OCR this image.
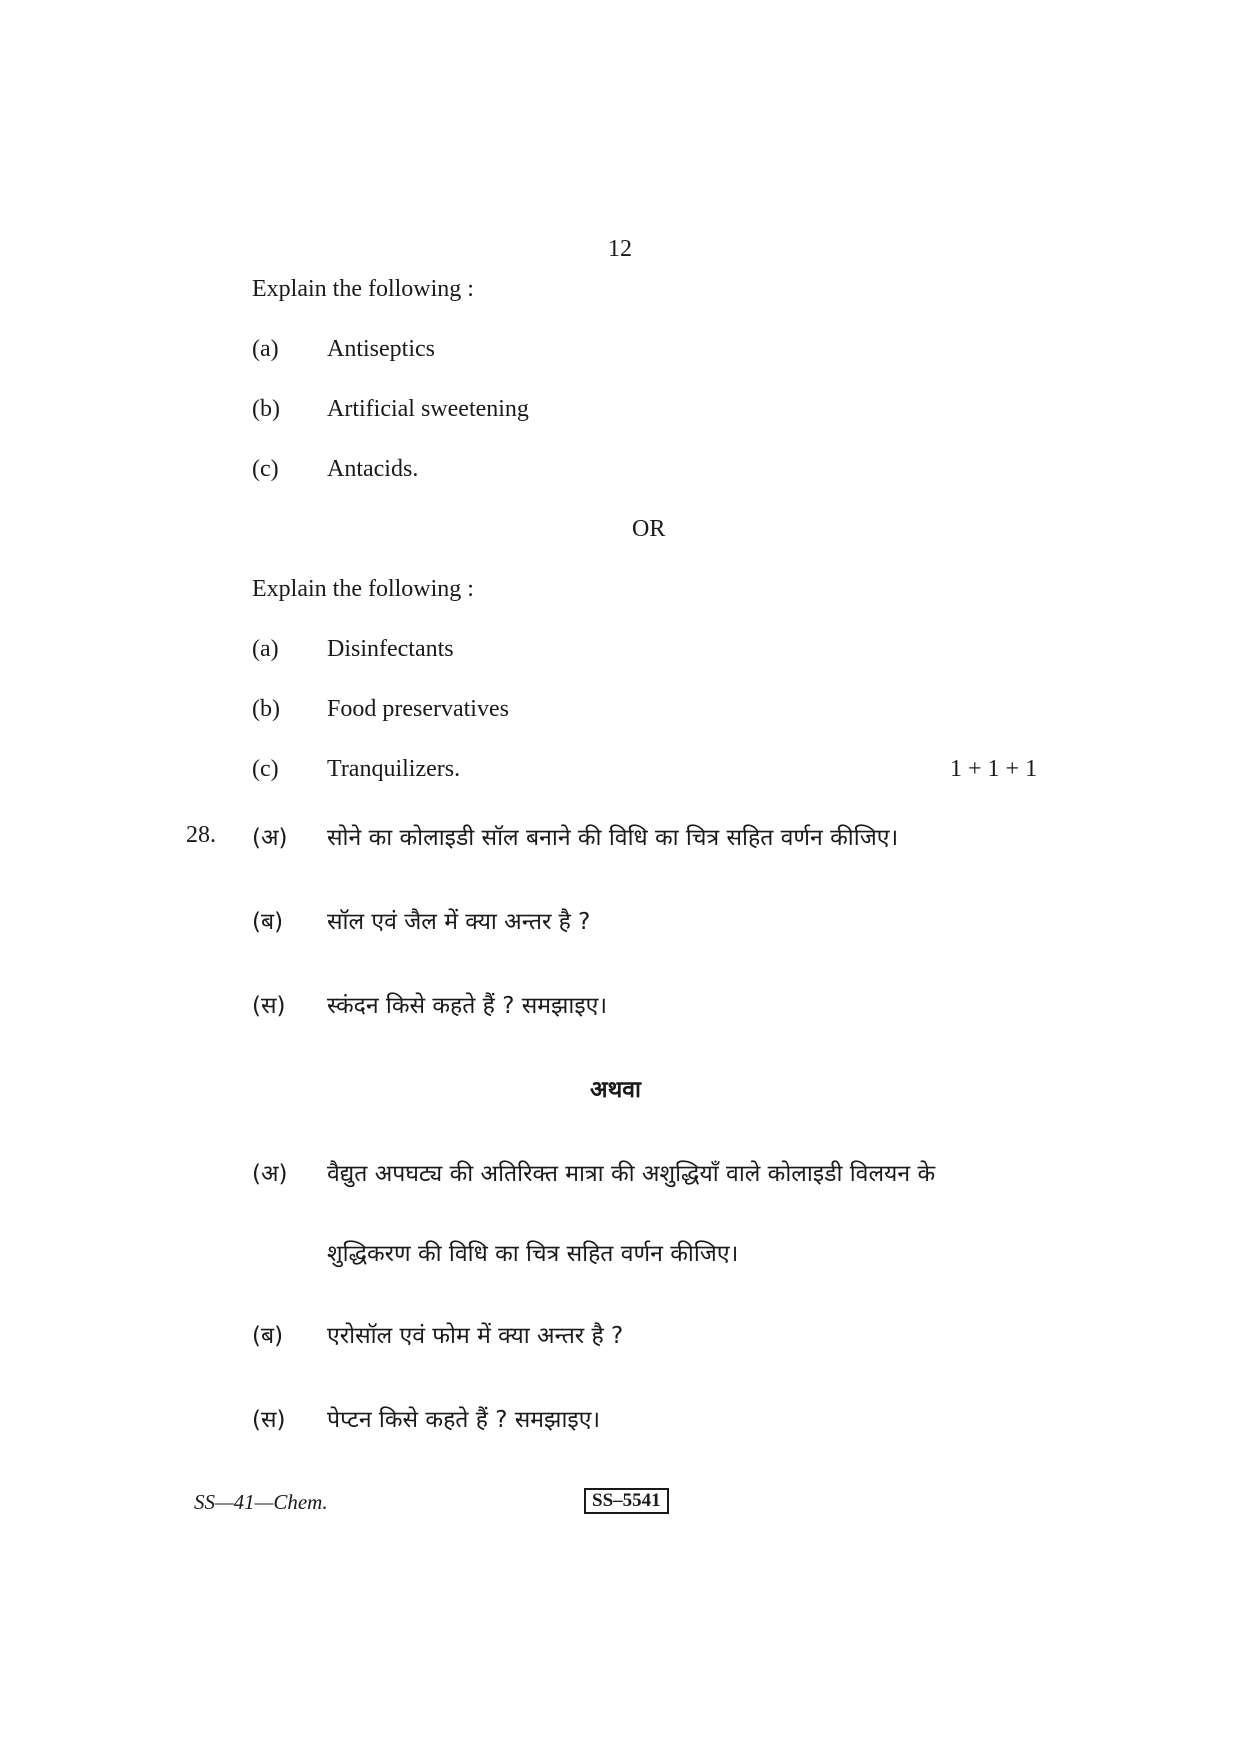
12
Explain the following :
(a) Antiseptics
(b) Artificial sweetening
(c) Antacids.
OR
Explain the following :
(a) Disinfectants
(b) Food preservatives
(c) Tranquilizers.	1 + 1 + 1
28. (अ) सोने का कोलाइडी सॉल बनाने की विधि का चित्र सहित वर्णन कीजिए।
(ब) सॉल एवं जैल में क्या अन्तर है ?
(स) स्कंदन किसे कहते हैं ? समझाइए।
अथवा
(अ) वैद्युत अपघट्य की अतिरिक्त मात्रा की अशुद्धियाँ वाले कोलाइडी विलयन के
शुद्धिकरण की विधि का चित्र सहित वर्णन कीजिए।
(ब) एरोसॉल एवं फोम में क्या अन्तर है ?
(स) पेप्टन किसे कहते हैं ? समझाइए।
SS—41—Chem.	SS–5541
